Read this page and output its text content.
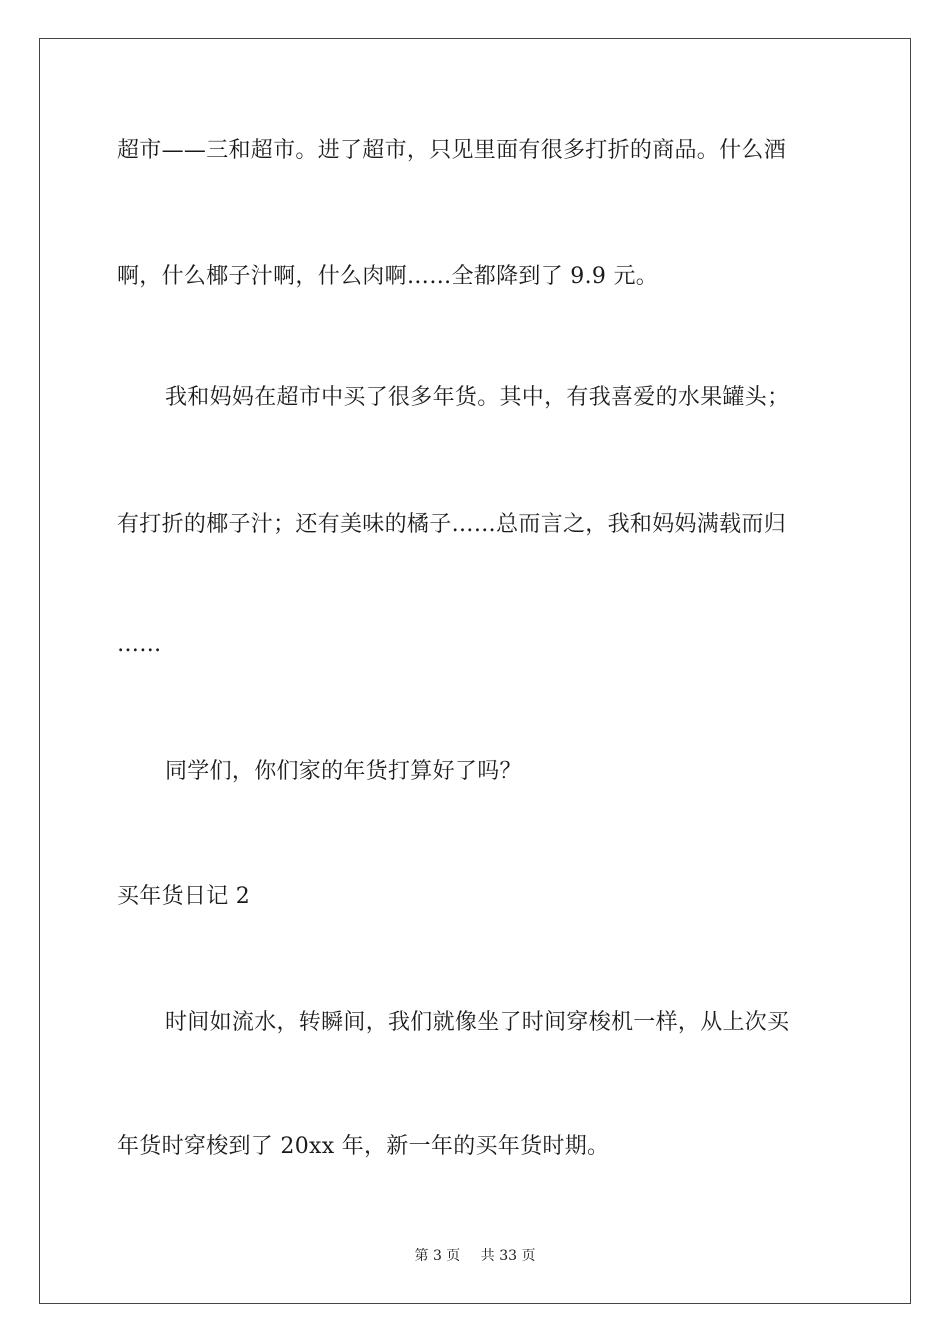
超市——三和超市。进了超市，只见里面有很多打折的商品。什么酒
啊，什么椰子汁啊，什么肉啊……全都降到了 9.9 元。
我和妈妈在超市中买了很多年货。其中，有我喜爱的水果罐头；
有打折的椰子汁；还有美味的橘子……总而言之，我和妈妈满载而归
……
同学们，你们家的年货打算好了吗？
买年货日记 2
时间如流水，转瞬间，我们就像坐了时间穿梭机一样，从上次买
年货时穿梭到了 20xx 年，新一年的买年货时期。
第 3 页 共 33 页
